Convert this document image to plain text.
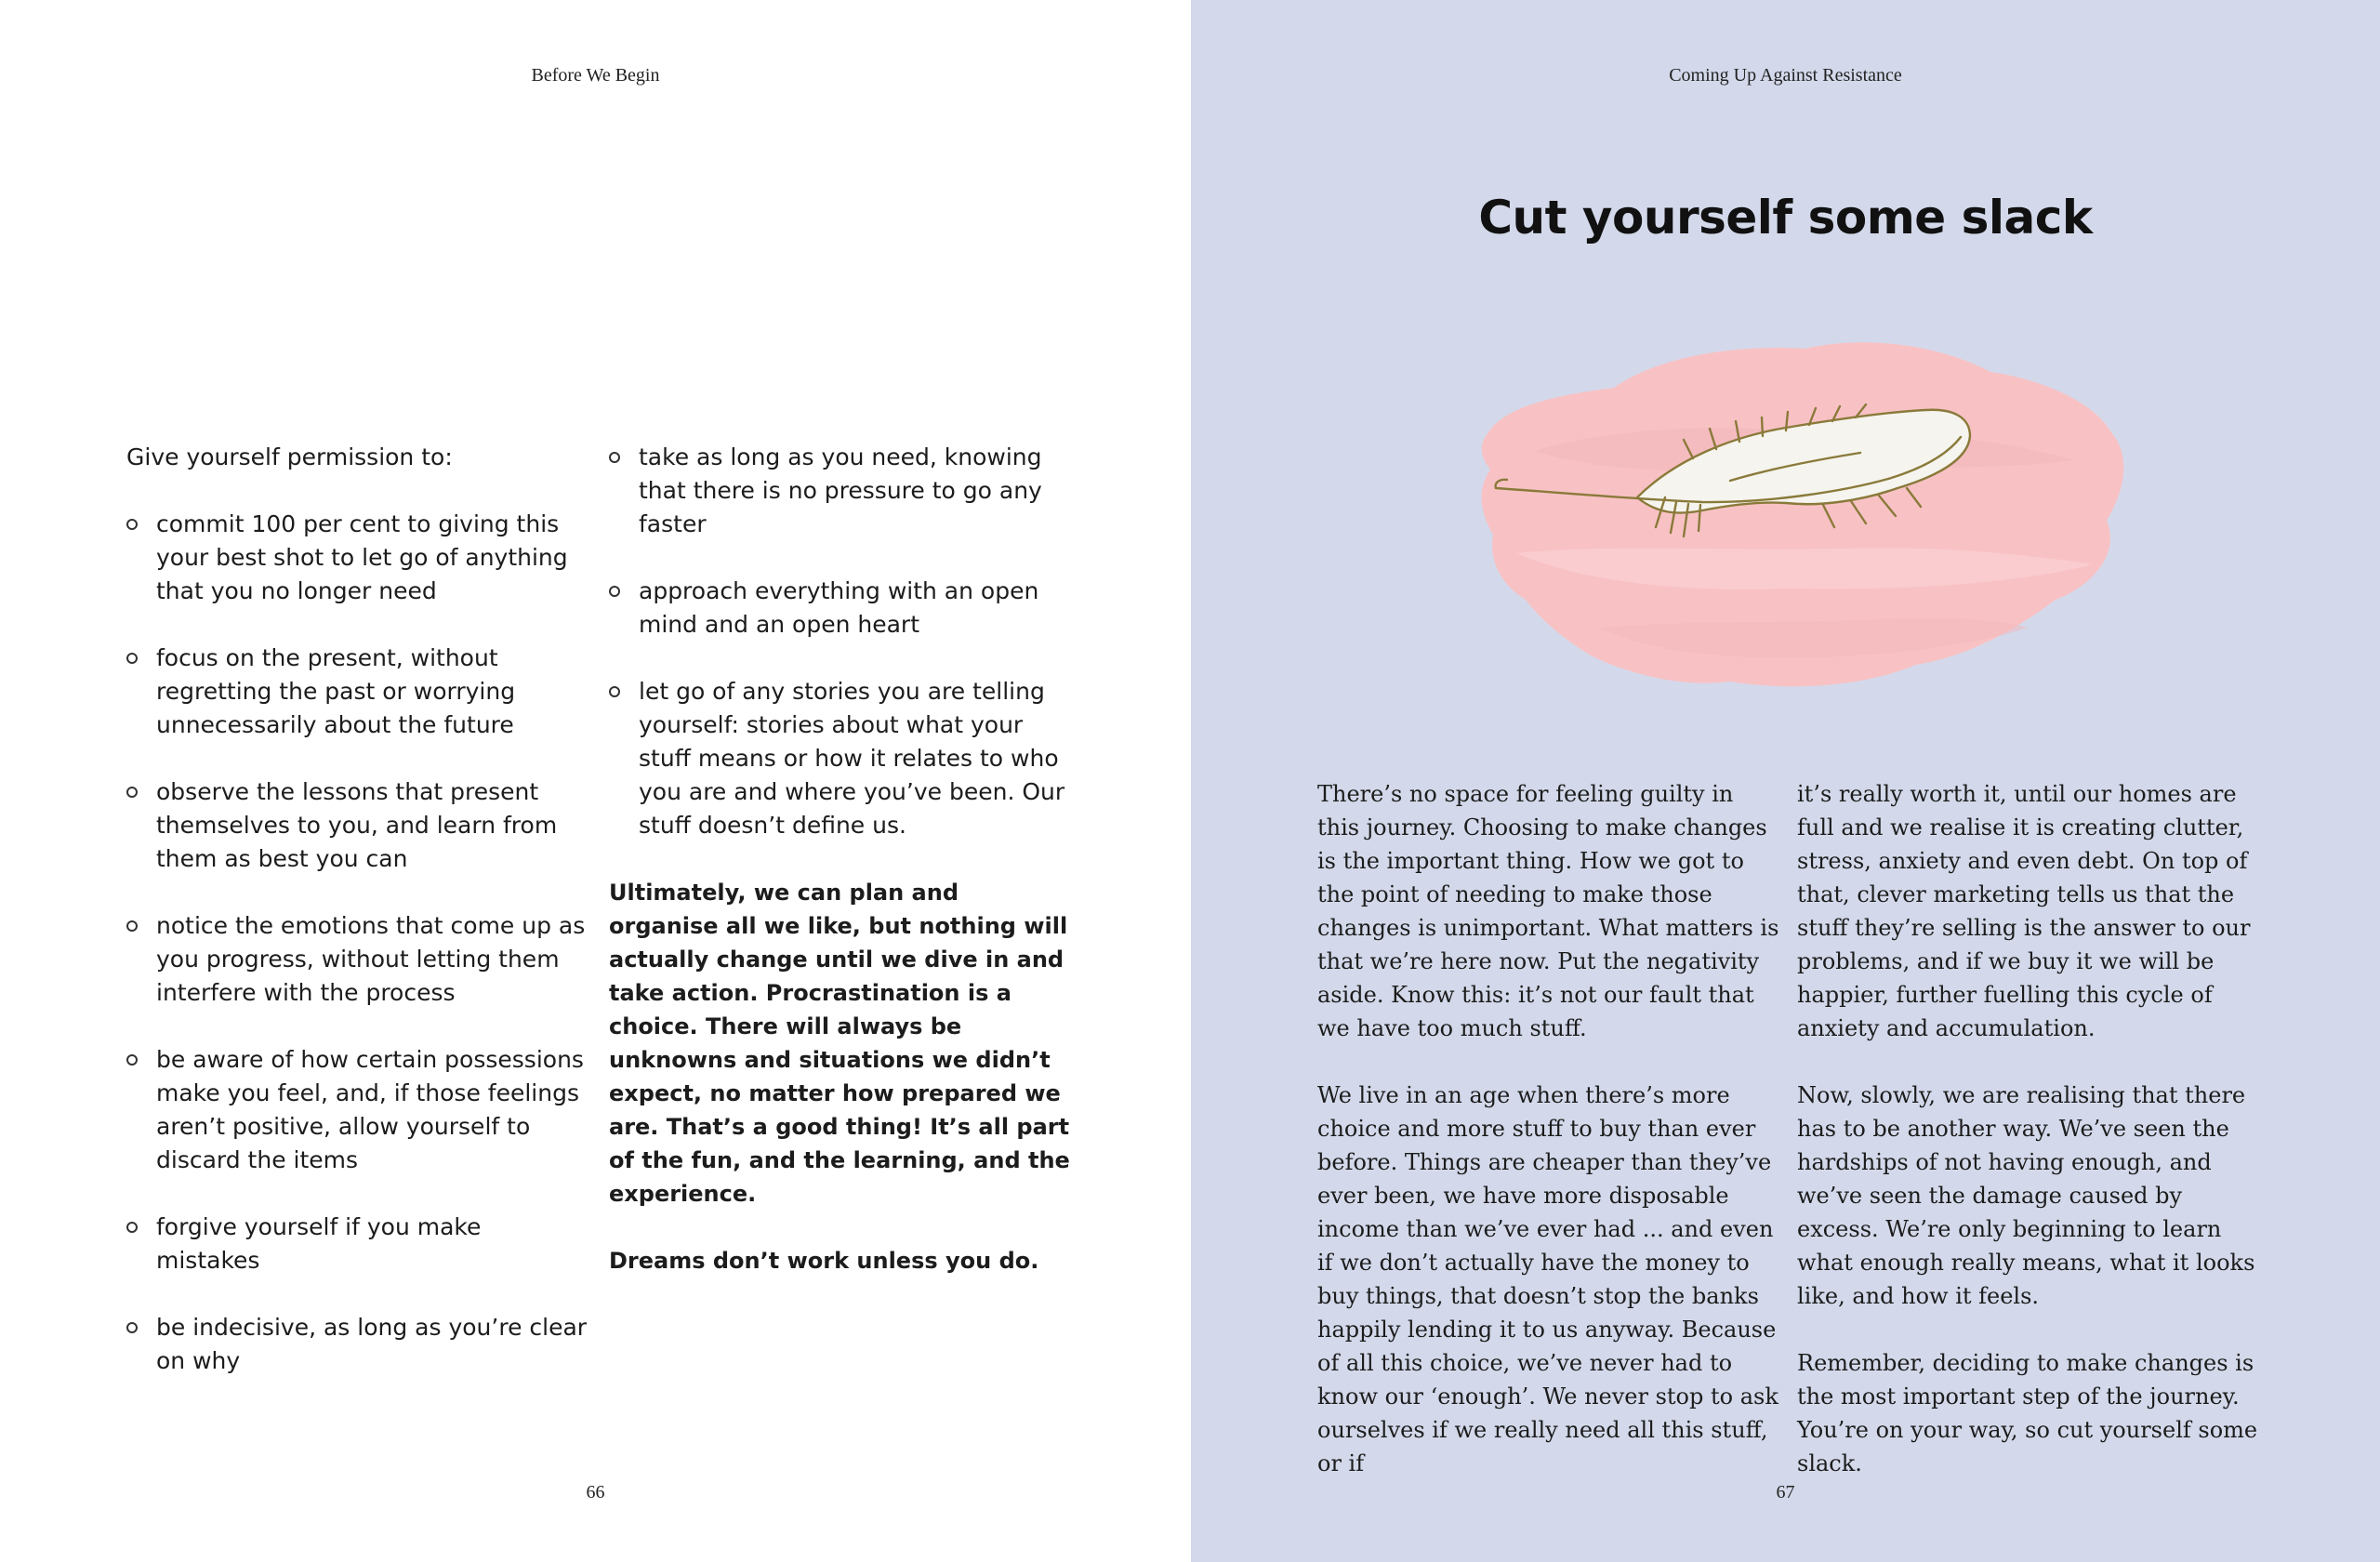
Before We Begin

Give yourself permission to:

commit 100 per cent to giving this your best shot to let go of anything that you no longer need
focus on the present, without regretting the past or worrying unnecessarily about the future
observe the lessons that present themselves to you, and learn from them as best you can
notice the emotions that come up as you progress, without letting them interfere with the process
be aware of how certain possessions make you feel, and, if those feelings aren’t positive, allow yourself to discard the items
forgive yourself if you make mistakes
be indecisive, as long as you’re clear on why
take as long as you need, knowing that there is no pressure to go any faster
approach everything with an open mind and an open heart
let go of any stories you are telling yourself: stories about what your stuff means or how it relates to who you are and where you’ve been. Our stuff doesn’t define us.

Ultimately, we can plan and organise all we like, but nothing will actually change until we dive in and take action. Procrastination is a choice. There will always be unknowns and situations we didn’t expect, no matter how prepared we are. That’s a good thing! It’s all part of the fun, and the learning, and the experience.

Dreams don’t work unless you do.

66
Coming Up Against Resistance
Cut yourself some slack

There’s no space for feeling guilty in this journey. Choosing to make changes is the important thing. How we got to the point of needing to make those changes is unimportant. What matters is that we’re here now. Put the negativity aside. Know this: it’s not our fault that we have too much stuff.

We live in an age when there’s more choice and more stuff to buy than ever before. Things are cheaper than they’ve ever been, we have more disposable income than we’ve ever had ... and even if we don’t actually have the money to buy things, that doesn’t stop the banks happily lending it to us anyway. Because of all this choice, we’ve never had to know our ‘enough’. We never stop to ask ourselves if we really need all this stuff, or if

it’s really worth it, until our homes are full and we realise it is creating clutter, stress, anxiety and even debt. On top of that, clever marketing tells us that the stuff they’re selling is the answer to our problems, and if we buy it we will be happier, further fuelling this cycle of anxiety and accumulation.

Now, slowly, we are realising that there has to be another way. We’ve seen the hardships of not having enough, and we’ve seen the damage caused by excess. We’re only beginning to learn what enough really means, what it looks like, and how it feels.

Remember, deciding to make changes is the most important step of the journey. You’re on your way, so cut yourself some slack.

67
